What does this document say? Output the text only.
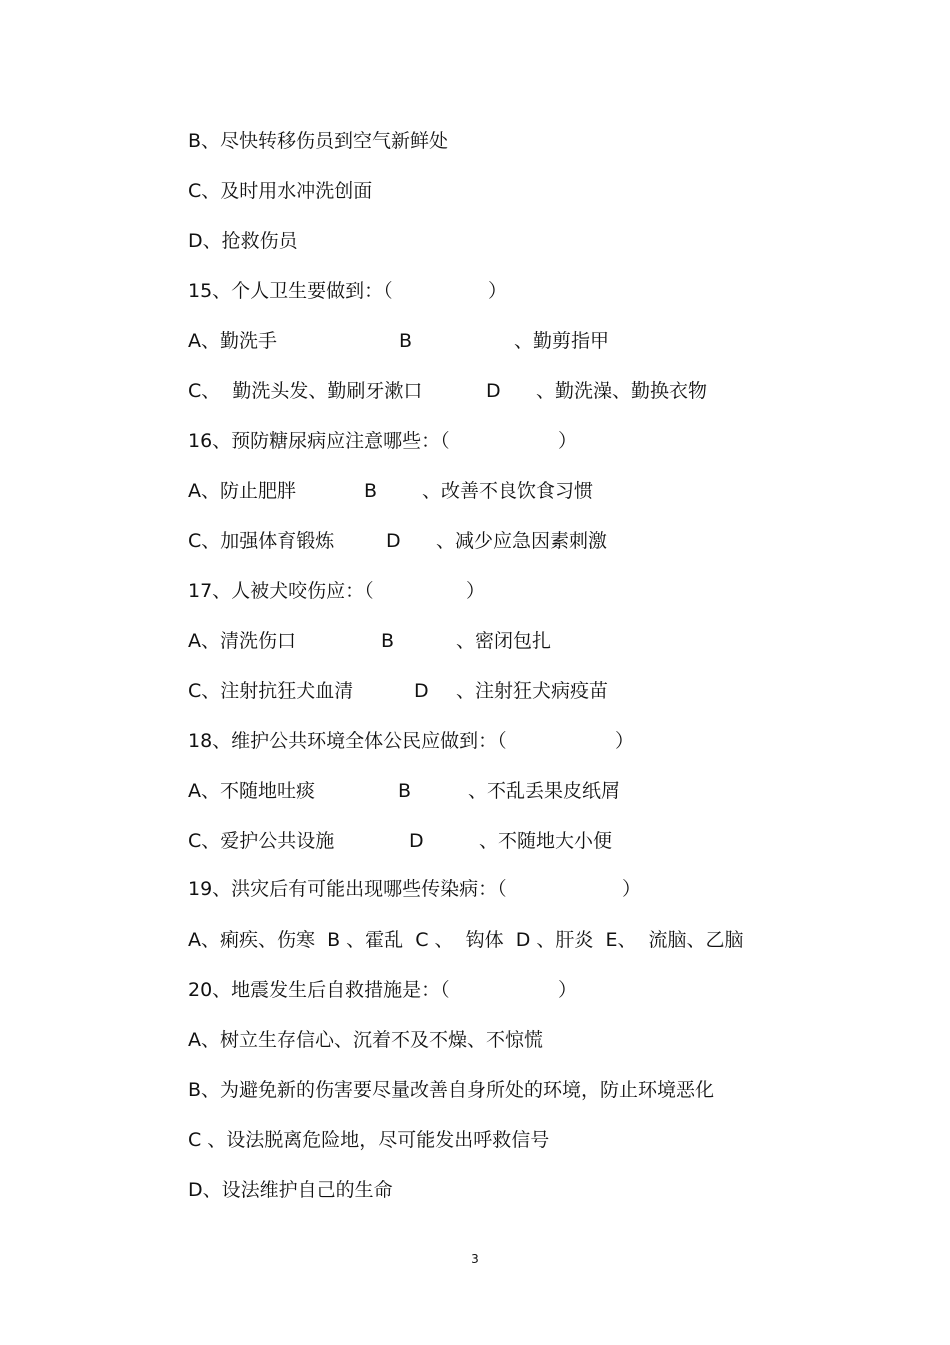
B、尽快转移伤员到空气新鲜处

C、及时用水冲洗创面

D、抢救伤员

15、个人卫生要做到：（

	）

A、勤洗手

	B

	、勤剪指甲

C、  勤洗头发、勤刷牙漱口

	D

、勤洗澡、勤换衣物

16、预防糖尿病应注意哪些：（

	）

A、防止肥胖

	B

、改善不良饮食习惯

C、加强体育锻炼

	D

、减少应急因素刺激

17、人被犬咬伤应：（

	）

A、清洗伤口

	B

	、密闭包扎

C、注射抗狂犬血清

	D

、注射狂犬病疫苗

18、维护公共环境全体公民应做到：（

	）

A、不随地吐痰

	B

	、不乱丢果皮纸屑

C、爱护公共设施

	D

	、不随地大小便

19、洪灾后有可能出现哪些传染病：（

	）

A、痢疾、伤寒  B 、霍乱  C 、  钩体  D 、肝炎  E、  流脑、乙脑

20、地震发生后自救措施是：（

	）

A、树立生存信心、沉着不及不燥、不惊慌

B、为避免新的伤害要尽量改善自身所处的环境，防止环境恶化

C 、设法脱离危险地，尽可能发出呼救信号

D、设法维护自己的生命

3
